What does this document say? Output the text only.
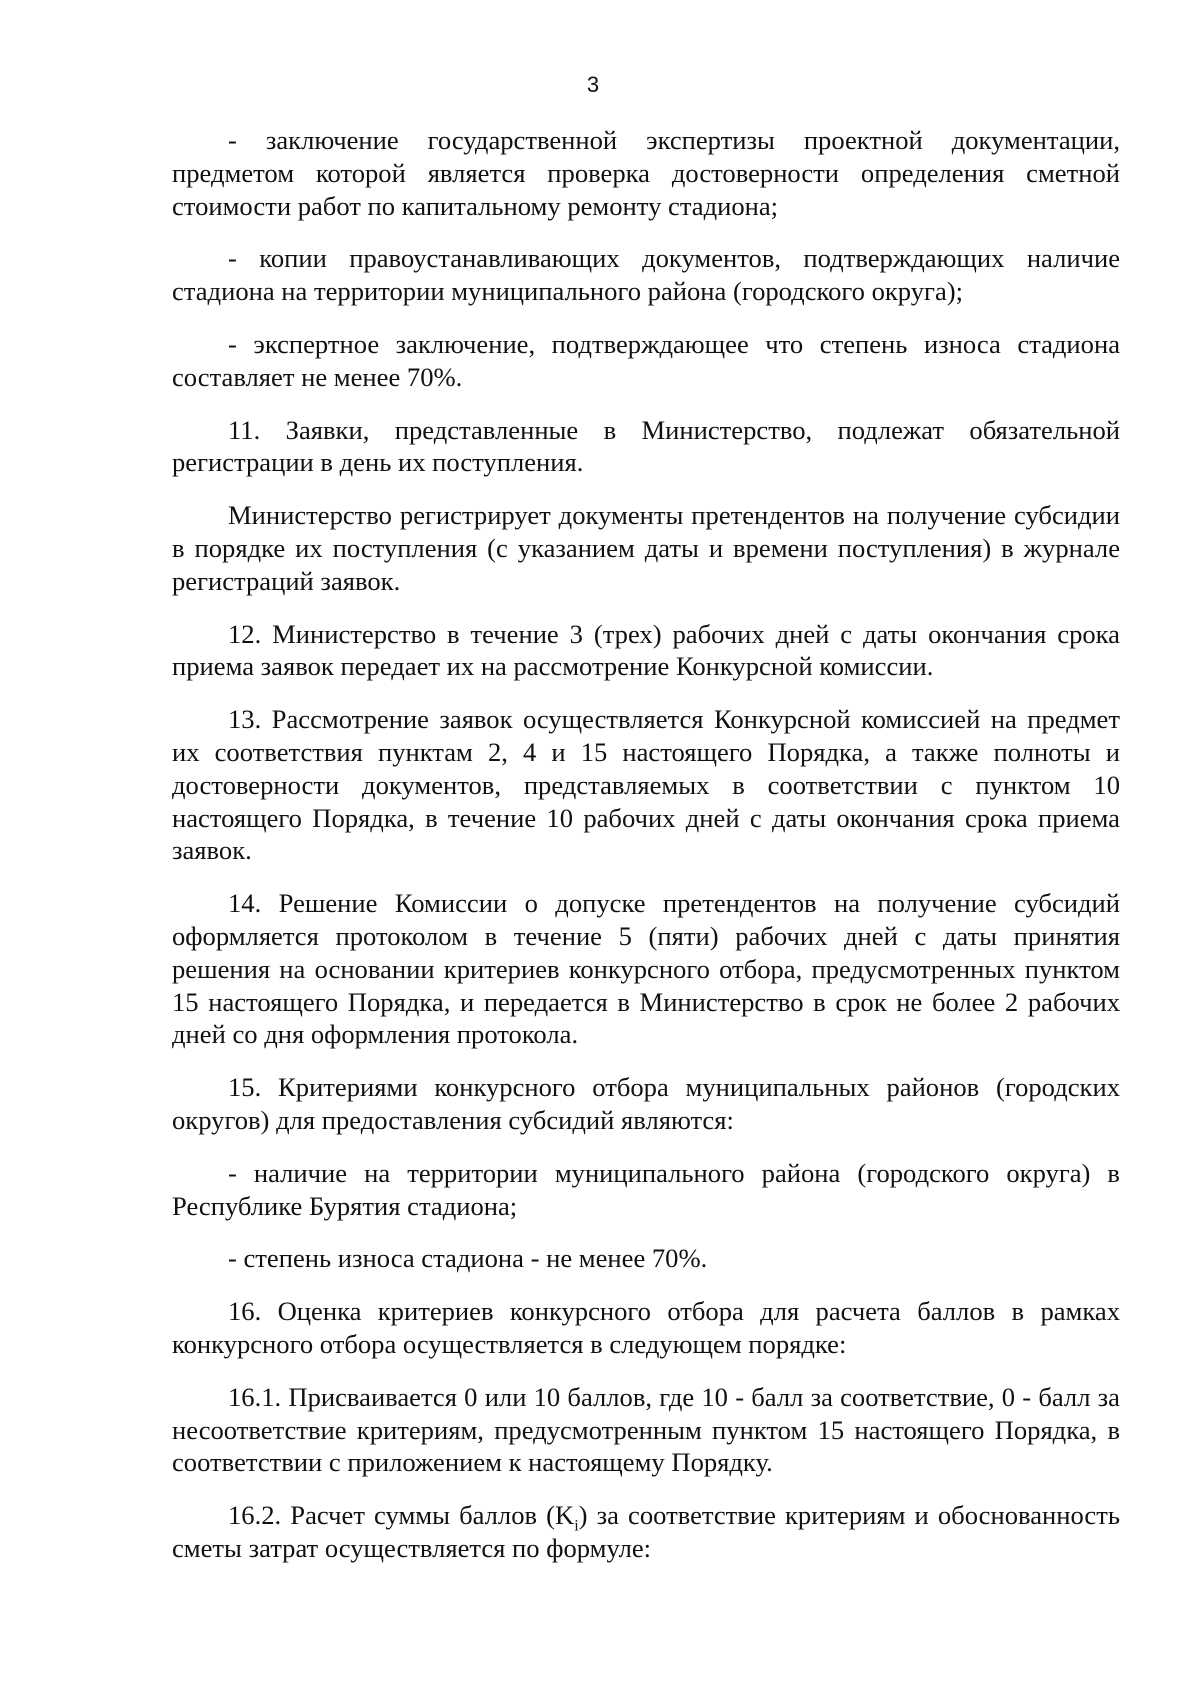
3

- заключение государственной экспертизы проектной документации, предметом которой является проверка достоверности определения сметной стоимости работ по капитальному ремонту стадиона;

- копии правоустанавливающих документов, подтверждающих наличие стадиона на территории муниципального района (городского округа);

- экспертное заключение, подтверждающее что степень износа стадиона составляет не менее 70%.

11. Заявки, представленные в Министерство, подлежат обязательной регистрации в день их поступления.

Министерство регистрирует документы претендентов на получение субсидии в порядке их поступления (с указанием даты и времени поступления) в журнале регистраций заявок.

12. Министерство в течение 3 (трех) рабочих дней с даты окончания срока приема заявок передает их на рассмотрение Конкурсной комиссии.

13. Рассмотрение заявок осуществляется Конкурсной комиссией на предмет их соответствия пунктам 2, 4 и 15 настоящего Порядка, а также полноты и достоверности документов, представляемых в соответствии с пунктом 10 настоящего Порядка, в течение 10 рабочих дней с даты окончания срока приема заявок.

14. Решение Комиссии о допуске претендентов на получение субсидий оформляется протоколом в течение 5 (пяти) рабочих дней с даты принятия решения на основании критериев конкурсного отбора, предусмотренных пунктом 15 настоящего Порядка, и передается в Министерство в срок не более 2 рабочих дней со дня оформления протокола.

15. Критериями конкурсного отбора муниципальных районов (городских округов) для предоставления субсидий являются:

- наличие на территории муниципального района (городского округа) в Республике Бурятия стадиона;

- степень износа стадиона - не менее 70%.

16. Оценка критериев конкурсного отбора для расчета баллов в рамках конкурсного отбора осуществляется в следующем порядке:

16.1. Присваивается 0 или 10 баллов, где 10 - балл за соответствие, 0 - балл за несоответствие критериям, предусмотренным пунктом 15 настоящего Порядка, в соответствии с приложением к настоящему Порядку.

16.2. Расчет суммы баллов $(K_i)$ за соответствие критериям и обоснованность сметы затрат осуществляется по формуле:
